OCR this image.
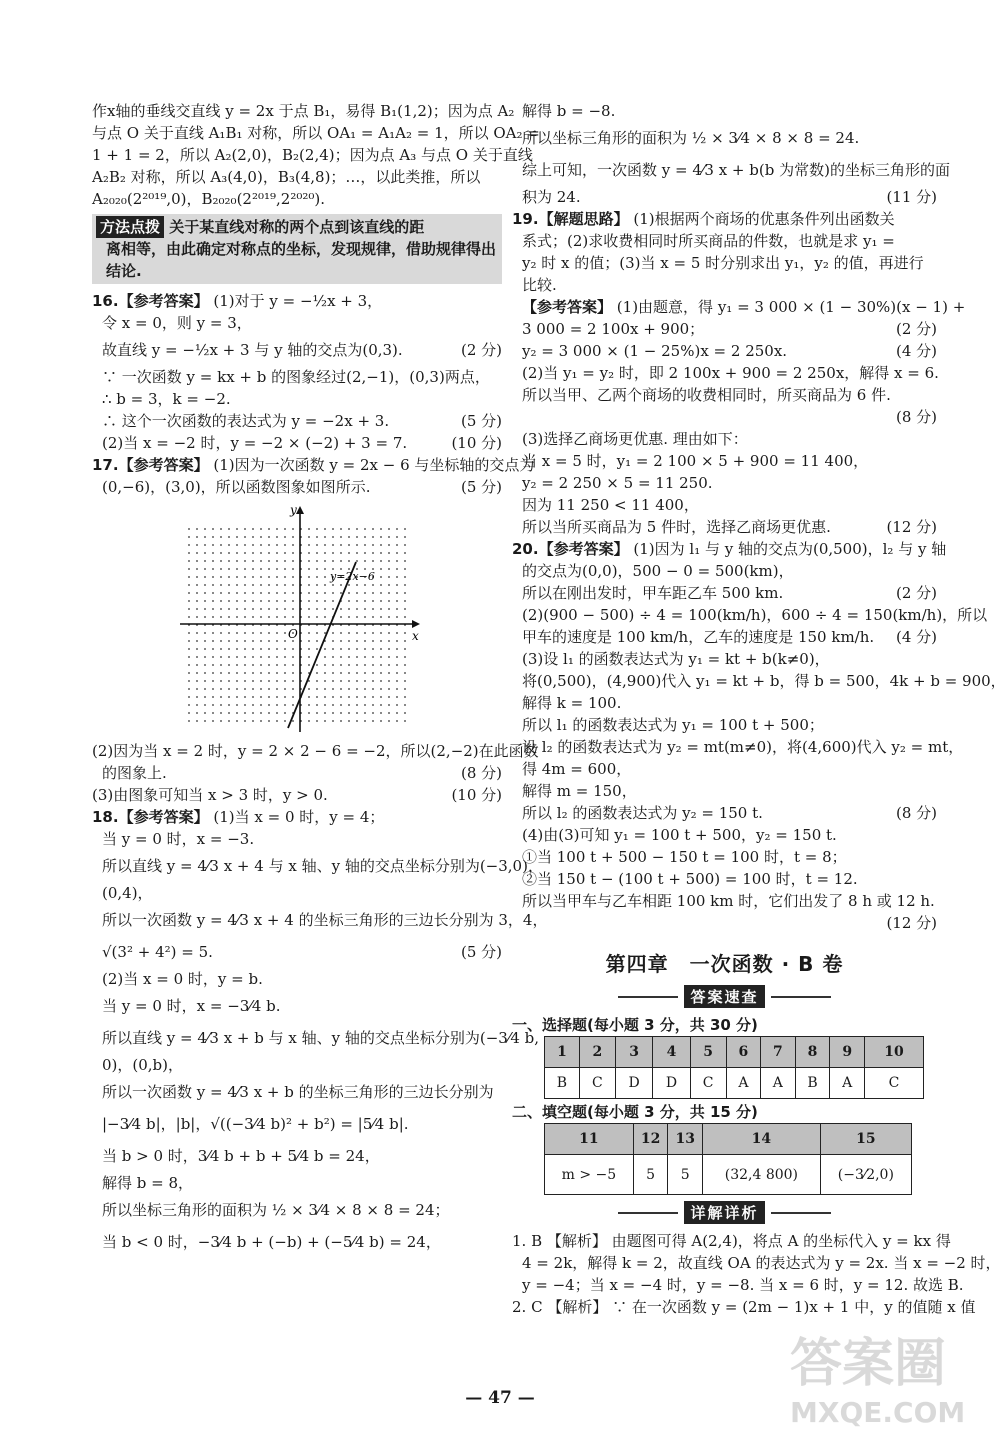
作x轴的垂线交直线 y = 2x 于点 B₁，易得 B₁(1,2)；因为点 A₂
与点 O 关于直线 A₁B₁ 对称，所以 OA₁ = A₁A₂ = 1，所以 OA₂ =
1 + 1 = 2，所以 A₂(2,0)，B₂(2,4)；因为点 A₃ 与点 O 关于直线
A₂B₂ 对称，所以 A₃(4,0)，B₃(4,8)；…，以此类推，所以
A₂₀₂₀(2²⁰¹⁹,0)，B₂₀₂₀(2²⁰¹⁹,2²⁰²⁰).
方法点拨 关于某直线对称的两个点到该直线的距
离相等，由此确定对称点的坐标，发现规律，借助规律得出
结论.
16.【参考答案】 (1)对于 y = −½x + 3，
令 x = 0，则 y = 3，
故直线 y = −½x + 3 与 y 轴的交点为(0,3).	(2 分)
∵ 一次函数 y = kx + b 的图象经过(2,−1)，(0,3)两点，
∴ b = 3，k = −2.
∴ 这个一次函数的表达式为 y = −2x + 3.	(5 分)
(2)当 x = −2 时，y = −2 × (−2) + 3 = 7.	(10 分)
17.【参考答案】 (1)因为一次函数 y = 2x − 6 与坐标轴的交点为
(0,−6)，(3,0)，所以函数图象如图所示.	(5 分)
y
x
O
y=2x−6
(2)因为当 x = 2 时，y = 2 × 2 − 6 = −2，所以(2,−2)在此函数
的图象上.	(8 分)
(3)由图象可知当 x > 3 时，y > 0.	(10 分)
18.【参考答案】 (1)当 x = 0 时，y = 4；
当 y = 0 时，x = −3.
所以直线 y = 4⁄3 x + 4 与 x 轴、y 轴的交点坐标分别为(−3,0)，
(0,4)，
所以一次函数 y = 4⁄3 x + 4 的坐标三角形的三边长分别为 3，4，
√(3² + 4²) = 5.	(5 分)
(2)当 x = 0 时，y = b.
当 y = 0 时，x = −3⁄4 b.
所以直线 y = 4⁄3 x + b 与 x 轴、y 轴的交点坐标分别为(−3⁄4 b,
0)，(0,b)，
所以一次函数 y = 4⁄3 x + b 的坐标三角形的三边长分别为
|−3⁄4 b|，|b|，√((−3⁄4 b)² + b²) = |5⁄4 b|.
当 b > 0 时，3⁄4 b + b + 5⁄4 b = 24，
解得 b = 8，
所以坐标三角形的面积为 ½ × 3⁄4 × 8 × 8 = 24；
当 b < 0 时，−3⁄4 b + (−b) + (−5⁄4 b) = 24，
解得 b = −8.
所以坐标三角形的面积为 ½ × 3⁄4 × 8 × 8 = 24.
综上可知，一次函数 y = 4⁄3 x + b(b 为常数)的坐标三角形的面
积为 24.	(11 分)
19.【解题思路】 (1)根据两个商场的优惠条件列出函数关
系式；(2)求收费相同时所买商品的件数，也就是求 y₁ =
y₂ 时 x 的值；(3)当 x = 5 时分别求出 y₁，y₂ 的值，再进行
比较.
【参考答案】 (1)由题意，得 y₁ = 3 000 × (1 − 30%)(x − 1) +
3 000 = 2 100x + 900；	(2 分)
y₂ = 3 000 × (1 − 25%)x = 2 250x.	(4 分)
(2)当 y₁ = y₂ 时，即 2 100x + 900 = 2 250x，解得 x = 6.
所以当甲、乙两个商场的收费相同时，所买商品为 6 件.
(8 分)
(3)选择乙商场更优惠. 理由如下：
当 x = 5 时，y₁ = 2 100 × 5 + 900 = 11 400，
y₂ = 2 250 × 5 = 11 250.
因为 11 250 < 11 400，
所以当所买商品为 5 件时，选择乙商场更优惠.	(12 分)
20.【参考答案】 (1)因为 l₁ 与 y 轴的交点为(0,500)，l₂ 与 y 轴
的交点为(0,0)，500 − 0 = 500(km)，
所以在刚出发时，甲车距乙车 500 km.	(2 分)
(2)(900 − 500) ÷ 4 = 100(km/h)，600 ÷ 4 = 150(km/h)，所以
甲车的速度是 100 km/h，乙车的速度是 150 km/h. (4 分)
(3)设 l₁ 的函数表达式为 y₁ = kt + b(k≠0)，
将(0,500)，(4,900)代入 y₁ = kt + b，得 b = 500，4k + b = 900，
解得 k = 100.
所以 l₁ 的函数表达式为 y₁ = 100 t + 500；
设 l₂ 的函数表达式为 y₂ = mt(m≠0)，将(4,600)代入 y₂ = mt，
得 4m = 600，
解得 m = 150，
所以 l₂ 的函数表达式为 y₂ = 150 t.	(8 分)
(4)由(3)可知 y₁ = 100 t + 500，y₂ = 150 t.
①当 100 t + 500 − 150 t = 100 时，t = 8；
②当 150 t − (100 t + 500) = 100 时，t = 12.
所以当甲车与乙车相距 100 km 时，它们出发了 8 h 或 12 h.
(12 分)
第四章　一次函数 · B 卷
答案速查
一、选择题(每小题 3 分，共 30 分)
1	2	3	4	5	6	7	8	9	10
B	C	D	D	C	A	A	B	A	C
二、填空题(每小题 3 分，共 15 分)
11	12	13	14	15
m > −5	5	5	(32,4 800)	(−3⁄2,0)
详解详析
1. B 【解析】 由题图可得 A(2,4)，将点 A 的坐标代入 y = kx 得
4 = 2k，解得 k = 2，故直线 OA 的表达式为 y = 2x. 当 x = −2 时，
y = −4；当 x = −4 时，y = −8. 当 x = 6 时，y = 12. 故选 B.
2. C 【解析】 ∵ 在一次函数 y = (2m − 1)x + 1 中，y 的值随 x 值
— 47 —
答案圈
MXQE.COM
